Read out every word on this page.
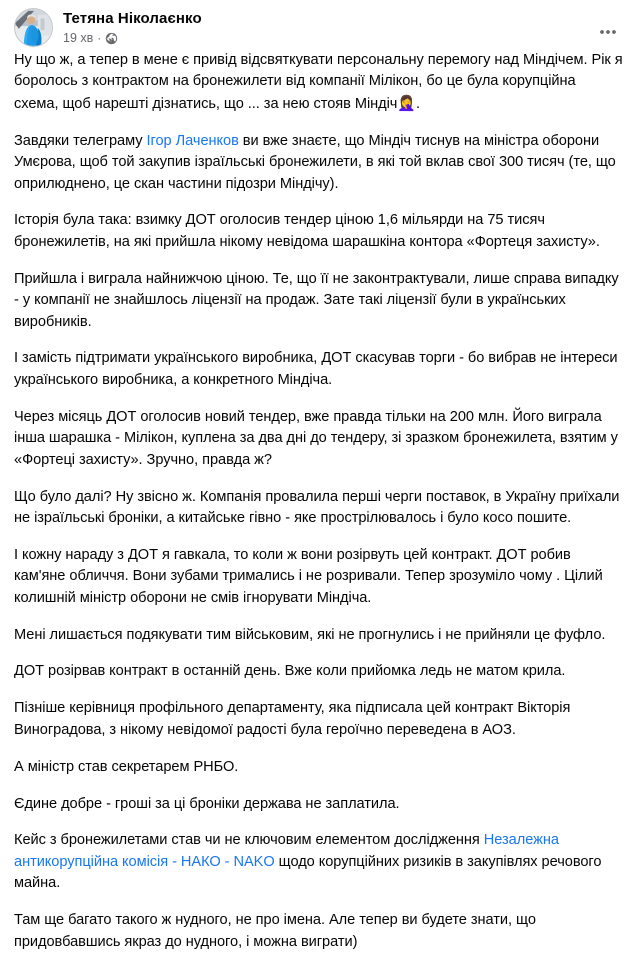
Тетяна Ніколаєнко
19 хв ·

Ну що ж, а тепер в мене є привід відсвяткувати персональну перемогу над Міндічем. Рік я боролось з контрактом на бронежилети від компанії Мілікон, бо це була корупційна схема, щоб нарешті дізнатись, що ... за нею стояв Міндіч🤦‍♀️.

Завдяки телеграму Ігор Лаченков ви вже знаєте, що Міндіч тиснув на міністра оборони Умєрова, щоб той закупив ізраїльські бронежилети, в які той вклав свої 300 тисяч (те, що оприлюднено, це скан частини підозри Міндічу).

Історія була така: взимку ДОТ оголосив тендер ціною 1,6 мільярди на 75 тисяч бронежилетів, на які прийшла нікому невідома шарашкіна контора «Фортеця захисту».

Прийшла і виграла найнижчою ціною. Те, що її не законтрактували, лише справа випадку - у компанії не знайшлось ліцензії на продаж. Зате такі ліцензії були в українських виробників.

І замість підтримати українського виробника, ДОТ скасував торги - бо вибрав не інтереси українського виробника, а конкретного Міндіча.

Через місяць ДОТ оголосив новий тендер, вже правда тільки на 200 млн. Його виграла інша шарашка - Мілікон, куплена за два дні до тендеру, зі зразком бронежилета, взятим у «Фортеці захисту». Зручно, правда ж?

Що було далі? Ну звісно ж. Компанія провалила перші черги поставок, в Україну приїхали не ізраїльські броніки, а китайське гівно - яке прострілювалось і було косо пошите.

І кожну нараду з ДОТ я гавкала, то коли ж вони розірвуть цей контракт. ДОТ робив кам'яне обличчя. Вони зубами тримались і не розривали. Тепер зрозуміло чому . Цілий колишній міністр оборони не смів ігнорувати Міндіча.

Мені лишається подякувати тим військовим, які не прогнулись і не прийняли це фуфло.

ДОТ розірвав контракт в останній день. Вже коли прийомка ледь не матом крила.

Пізніше керівниця профільного департаменту, яка підписала цей контракт Вікторія Виноградова, з нікому невідомої радості була героїчно переведена в АОЗ.

А міністр став секретарем РНБО.

Єдине добре - гроші за ці броніки держава не заплатила.

Кейс з бронежилетами став чи не ключовим елементом дослідження Незалежна антикорупційна комісія - НАКО - NAKO щодо корупційних ризиків в закупівлях речового майна.

Там ще багато такого ж нудного, не про імена. Але тепер ви будете знати, що придовбавшись якраз до нудного, і можна виграти)
